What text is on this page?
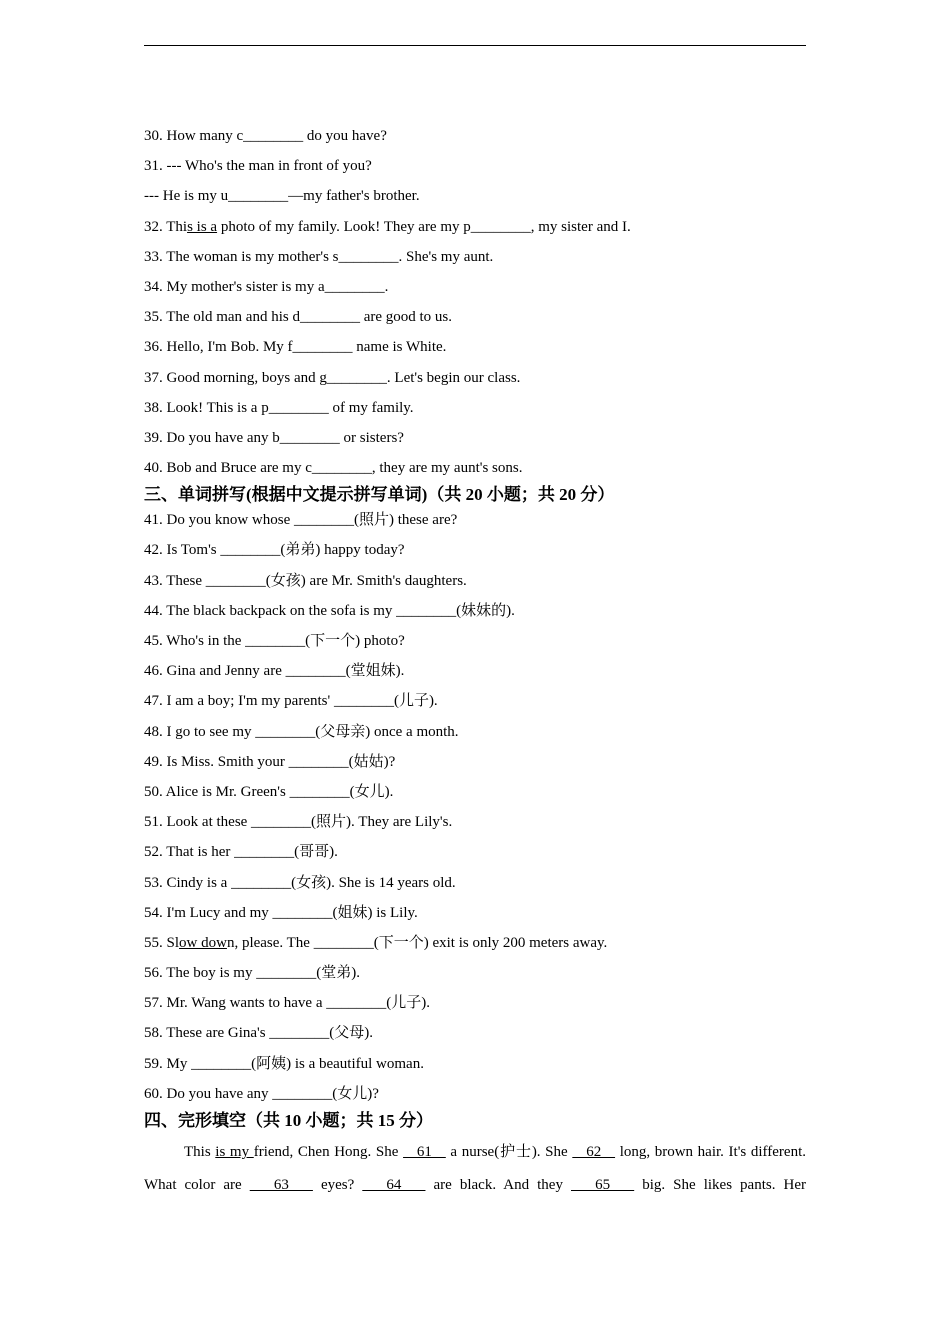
30. How many c________ do you have?
31. --- Who's the man in front of you?
--- He is my u________—my father's brother.
32. This is a photo of my family. Look! They are my p________, my sister and I.
33. The woman is my mother's s________. She's my aunt.
34. My mother's sister is my a________.
35. The old man and his d________ are good to us.
36. Hello, I'm Bob. My f________ name is White.
37. Good morning, boys and g________. Let's begin our class.
38. Look! This is a p________ of my family.
39. Do you have any b________ or sisters?
40. Bob and Bruce are my c________, they are my aunt's sons.
三、单词拼写(根据中文提示拼写单词)（共 20 小题；共 20 分）
41. Do you know whose ________(照片) these are?
42. Is Tom's ________(弟弟) happy today?
43. These ________(女孩) are Mr. Smith's daughters.
44. The black backpack on the sofa is my ________(妹妹的).
45. Who's in the ________(下一个) photo?
46. Gina and Jenny are ________(堂姐妹).
47. I am a boy; I'm my parents' ________(儿子).
48. I go to see my ________(父母亲) once a month.
49. Is Miss. Smith your ________(姑姑)?
50. Alice is Mr. Green's ________(女儿).
51. Look at these ________(照片). They are Lily's.
52. That is her ________(哥哥).
53. Cindy is a ________(女孩). She is 14 years old.
54. I'm Lucy and my ________(姐妹) is Lily.
55. Slow down, please. The ________(下一个) exit is only 200 meters away.
56. The boy is my ________(堂弟).
57. Mr. Wang wants to have a ________(儿子).
58. These are Gina's ________(父母).
59. My ________(阿姨) is a beautiful woman.
60. Do you have any ________(女儿)?
四、完形填空（共 10 小题；共 15 分）
This is my friend, Chen Hong. She    61    a nurse(护士). She    62    long, brown hair. It's different. What color are    63    eyes?    64    are black. And they    65    big. She likes pants. Her
